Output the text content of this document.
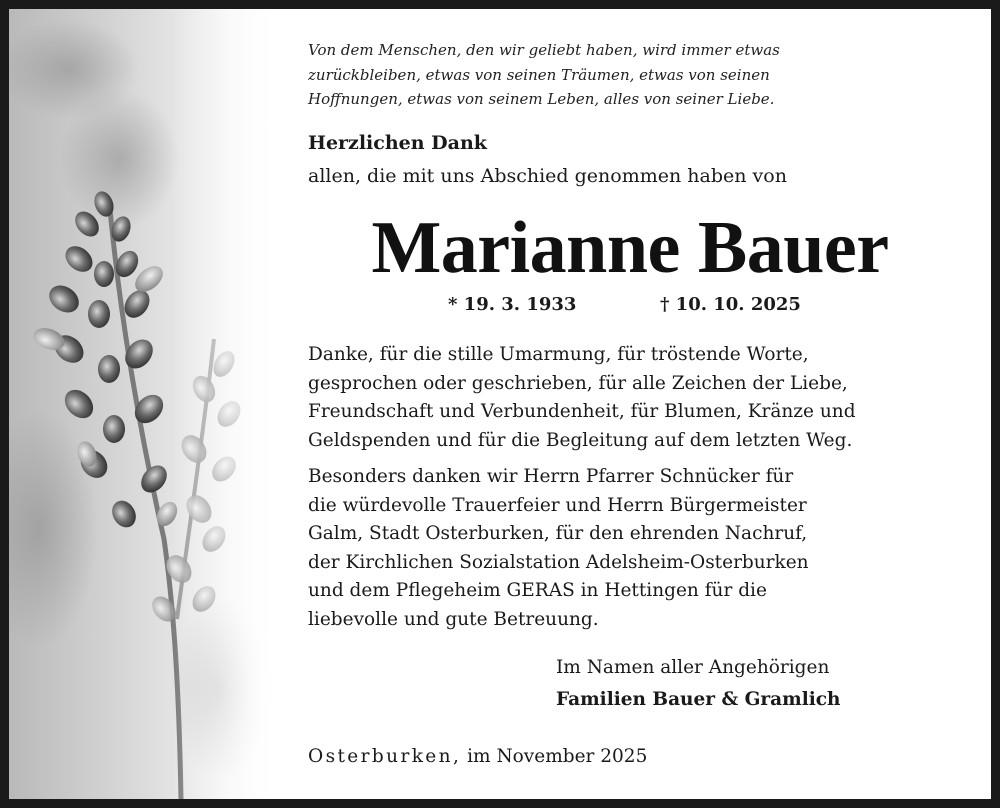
Von dem Menschen, den wir geliebt haben, wird immer etwas
zurückbleiben, etwas von seinen Träumen, etwas von seinen
Hoffnungen, etwas von seinem Leben, alles von seiner Liebe.
Herzlichen Dank
allen, die mit uns Abschied genommen haben von
Marianne Bauer
* 19. 3. 1933	† 10. 10. 2025
Danke, für die stille Umarmung, für tröstende Worte,
gesprochen oder geschrieben, für alle Zeichen der Liebe,
Freundschaft und Verbundenheit, für Blumen, Kränze und
Geldspenden und für die Begleitung auf dem letzten Weg.
Besonders danken wir Herrn Pfarrer Schnücker für
die würdevolle Trauerfeier und Herrn Bürgermeister
Galm, Stadt Osterburken, für den ehrenden Nachruf,
der Kirchlichen Sozialstation Adelsheim-Osterburken
und dem Pflegeheim GERAS in Hettingen für die
liebevolle und gute Betreuung.
Im Namen aller Angehörigen
Familien Bauer & Gramlich
Osterburken, im November 2025
